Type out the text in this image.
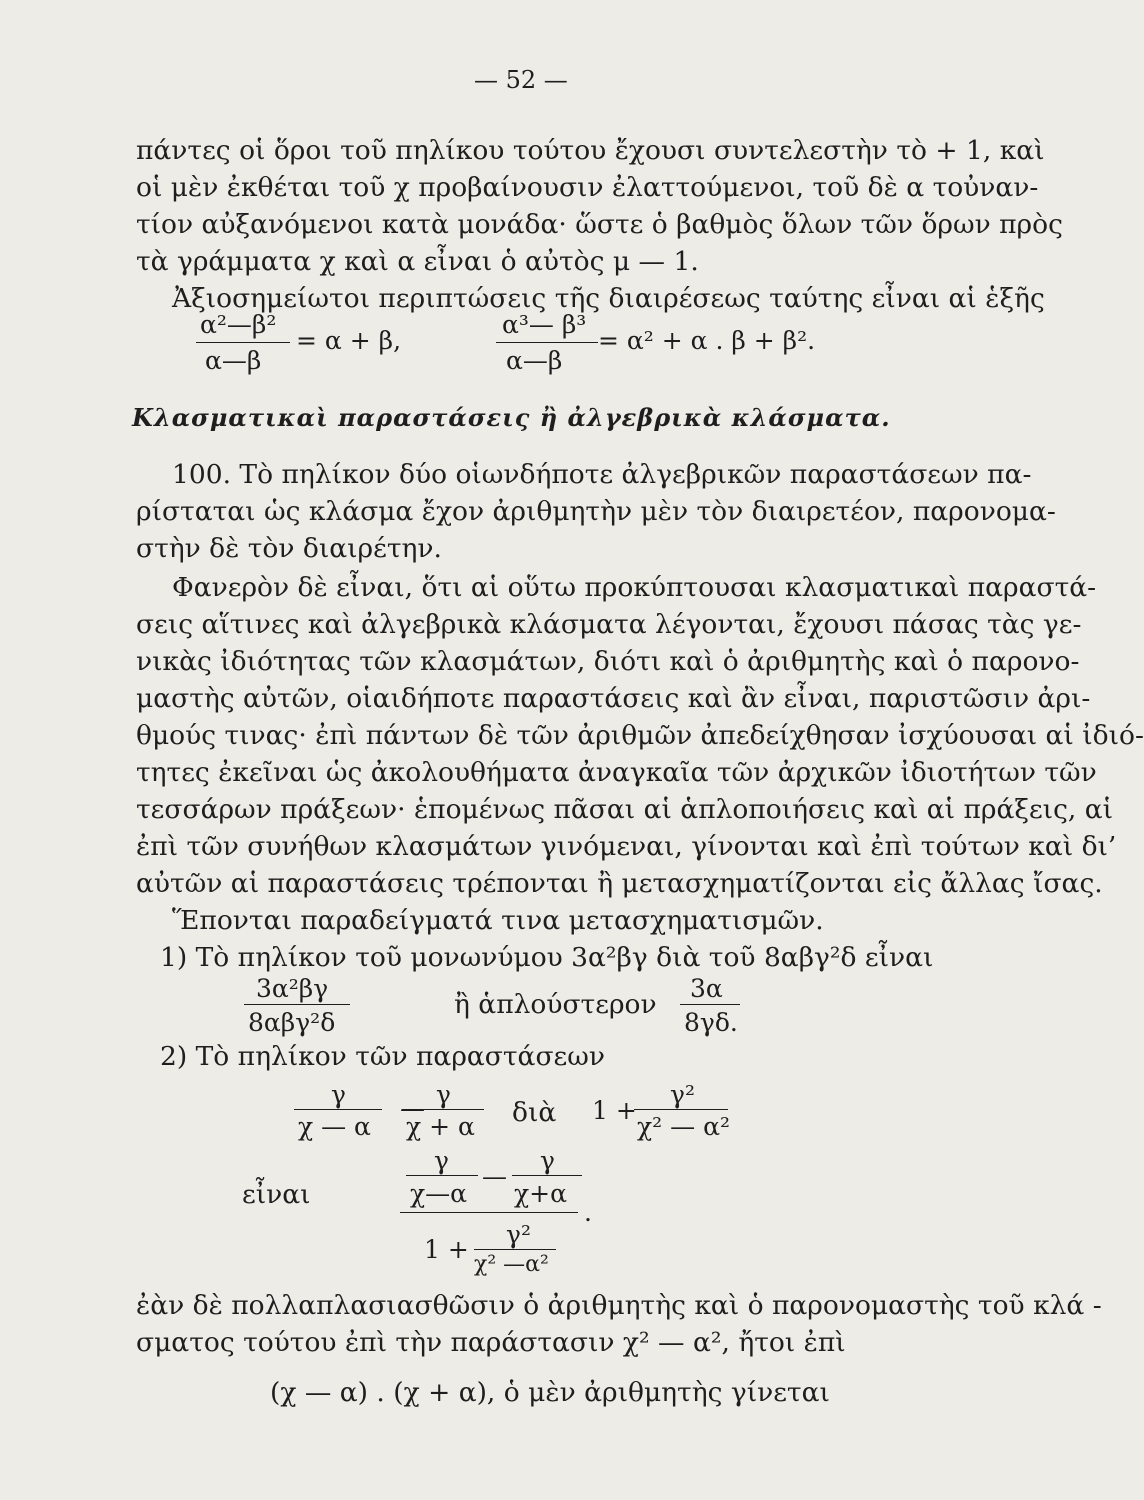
— 52 —
πάντες οἱ ὅροι τοῦ πηλίκου τούτου ἔχουσι συντελεστὴν τὸ + 1, καὶ
οἱ μὲν ἐκθέται τοῦ χ προβαίνουσιν ἐλαττούμενοι, τοῦ δὲ α τοὐναν-
τίον αὐξανόμενοι κατὰ μονάδα· ὥστε ὁ βαθμὸς ὅλων τῶν ὅρων πρὸς
τὰ γράμματα χ καὶ α εἶναι ὁ αὐτὸς μ — 1.
Ἀξιοσημείωτοι περιπτώσεις τῆς διαιρέσεως ταύτης εἶναι αἱ ἑξῆς
α²—β²
α—β
= α + β,
α³— β³
α—β
= α² + α . β + β².
Κλασματικαὶ παραστάσεις ἢ ἀλγεβρικὰ κλάσματα.
100. Τὸ πηλίκον δύο οἱωνδήποτε ἀλγεβρικῶν παραστάσεων πα-
ρίσταται ὡς κλάσμα ἔχον ἀριθμητὴν μὲν τὸν διαιρετέον, παρονομα-
στὴν δὲ τὸν διαιρέτην.
Φανερὸν δὲ εἶναι, ὅτι αἱ οὕτω προκύπτουσαι κλασματικαὶ παραστά-
σεις αἵτινες καὶ ἀλγεβρικὰ κλάσματα λέγονται, ἔχουσι πάσας τὰς γε-
νικὰς ἰδιότητας τῶν κλασμάτων, διότι καὶ ὁ ἀριθμητὴς καὶ ὁ παρονο-
μαστὴς αὐτῶν, οἱαιδήποτε παραστάσεις καὶ ἂν εἶναι, παριστῶσιν ἀρι-
θμούς τινας· ἐπὶ πάντων δὲ τῶν ἀριθμῶν ἀπεδείχθησαν ἰσχύουσαι αἱ ἰδιό-
τητες ἐκεῖναι ὡς ἀκολουθήματα ἀναγκαῖα τῶν ἀρχικῶν ἰδιοτήτων τῶν
τεσσάρων πράξεων· ἑπομένως πᾶσαι αἱ ἁπλοποιήσεις καὶ αἱ πράξεις, αἱ
ἐπὶ τῶν συνήθων κλασμάτων γινόμεναι, γίνονται καὶ ἐπὶ τούτων καὶ δι’
αὐτῶν αἱ παραστάσεις τρέπονται ἢ μετασχηματίζονται εἰς ἄλλας ἴσας.
Ἕπονται παραδείγματά τινα μετασχηματισμῶν.
1) Τὸ πηλίκον τοῦ μονωνύμου 3α²βγ διὰ τοῦ 8αβγ²δ εἶναι
3α²βγ
8αβγ²δ
ἢ ἁπλούστερον
3α
8γδ.
2) Τὸ πηλίκον τῶν παραστάσεων
γ
χ — α
— γ
χ + α διὰ 1 +
γ²
χ² — α²
εἶναι
γ
χ—α
—
γ
χ+α
.
1 +
γ²
χ² —α²
ἐὰν δὲ πολλαπλασιασθῶσιν ὁ ἀριθμητὴς καὶ ὁ παρονομαστὴς τοῦ κλά -
σματος τούτου ἐπὶ τὴν παράστασιν χ² — α², ἤτοι ἐπὶ
(χ — α) . (χ + α), ὁ μὲν ἀριθμητὴς γίνεται
